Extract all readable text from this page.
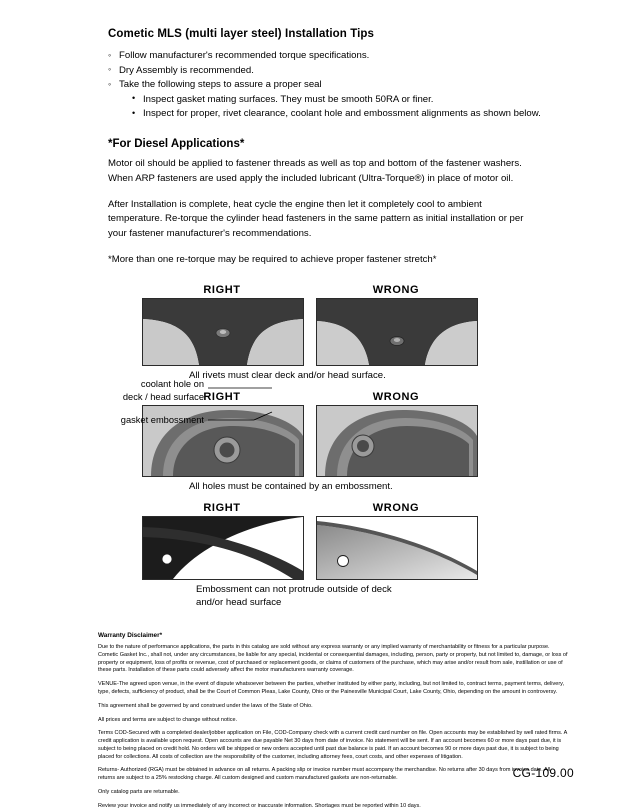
Cometic MLS (multi layer steel) Installation Tips
◦ Follow manufacturer's recommended torque specifications.
◦ Dry Assembly is recommended.
◦ Take the following steps to assure a proper seal
• Inspect gasket mating surfaces. They must be smooth 50RA or finer.
• Inspect for proper, rivet clearance, coolant hole and embossment alignments as shown below.
*For Diesel Applications*

Motor oil should be applied to fastener threads as well as top and bottom of the fastener washers. When ARP fasteners are used apply the included lubricant (Ultra-Torque®) in place of motor oil.

After Installation is complete, heat cycle the engine then let it completely cool to ambient temperature. Re-torque the cylinder head fasteners in the same pattern as initial installation or per your fastener manufacturer's recommendations.

*More than one re-torque may be required to achieve proper fastener stretch*

RIGHT	WRONG
All rivets must clear deck and/or head surface.
RIGHT	WRONG
All holes must be contained by an embossment.
coolant hole on
deck / head surface
gasket embossment
RIGHT	WRONG
Embossment can not protrude outside of deck
and/or head surface
Warranty Disclaimer*

Due to the nature of performance applications, the parts in this catalog are sold without any express warranty or any implied warranty of merchantability or fitness for a particular purpose. Cometic Gasket Inc., shall not, under any circumstances, be liable for any special, incidental or consequential damages, including, person, party or property, but not limited to, damage, or loss of property or equipment, loss of profits or revenue, cost of purchased or replacement goods, or claims of customers of the purchase, which may arise and/or result from sale, instillation or use of these parts. Installation of these parts could adversely affect the motor manufacturers warranty coverage.

VENUE-The agreed upon venue, in the event of dispute whatsoever between the parties, whether instituted by either party, including, but not limited to, contract terms, payment terms, delivery, type, defects, sufficiency of product, shall be the Court of Common Pleas, Lake County, Ohio or the Painesville Municipal Court, Lake County, Ohio, depending on the amount in controversy.

This agreement shall be governed by and construed under the laws of the State of Ohio.

All prices and terms are subject to change without notice.

Terms COD-Secured with a completed dealer/jobber application on File, COD-Company check with a current credit card number on file. Open accounts may be established by well rated firms. A credit application is available upon request. Open accounts are due payable Net 30 days from date of invoice. No statement will be sent. If an account becomes 60 or more days past due, it is subject to being placed on credit hold. No orders will be shipped or new orders accepted until past due balance is paid. If an account becomes 90 or more days past due, it is subject to being placed for collections. All costs of collection are the responsibility of the customer, including attorney fees, court costs, and other expenses of litigation.

Returns- Authorized (RGA) must be obtained in advance on all returns. A packing slip or invoice number must accompany the merchandise. No returns after 30 days from invoice date. All returns are subject to a 25% restocking charge. All custom designed and custom manufactured gaskets are non-returnable.

Only catalog parts are returnable.

Review your invoice and notify us immediately of any incorrect or inaccurate information. Shortages must be reported within 10 days.

CG-109.00
